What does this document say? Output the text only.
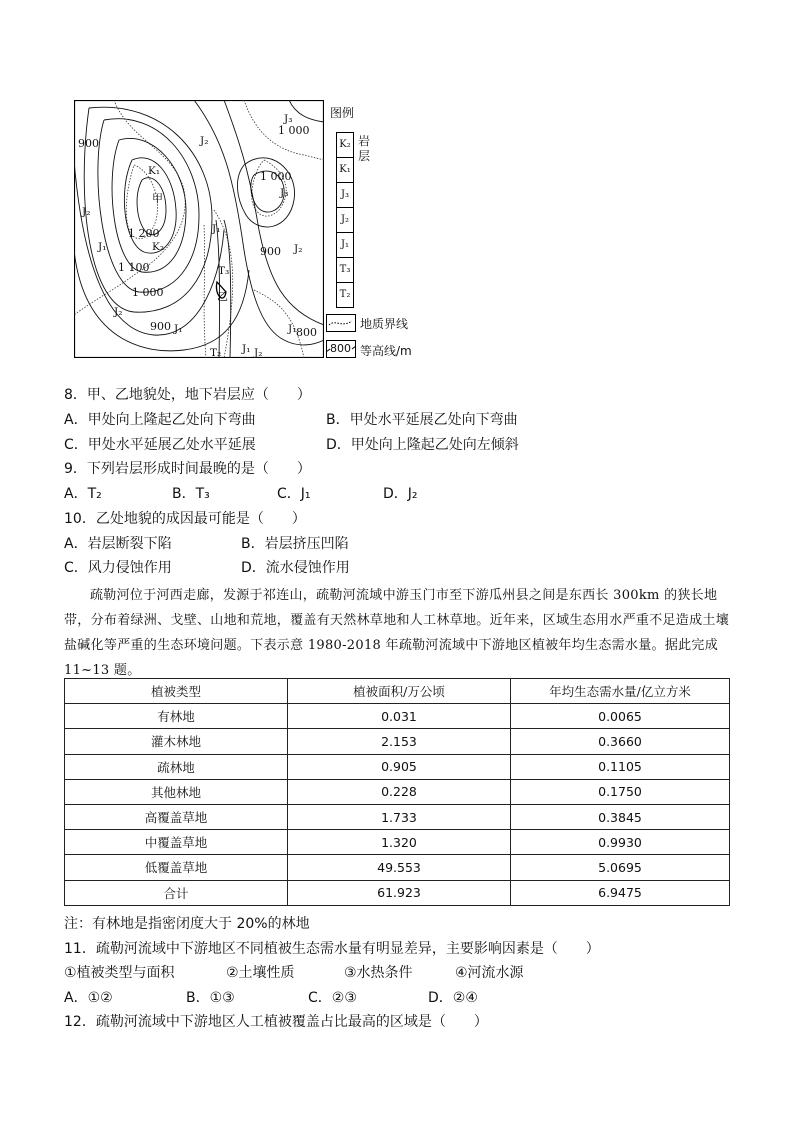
900
1 000
1 000
1 200
1 100
1 000
900
900
800
J₁
J₂
J₃
K₁
K₂
J₃
J₂
J₁
J₂
J₁
J₂
J₁
T₃
T₂
J₁
J₂
甲
乙
图例
K₂
K₁
J₃
J₂
J₁
T₃
T₂
岩层
地质界线
800 等高线/m
8．甲、乙地貌处，地下岩层应（　　）
A．甲处向上隆起乙处向下弯曲	B．甲处水平延展乙处向下弯曲
C．甲处水平延展乙处水平延展	D．甲处向上隆起乙处向左倾斜
9．下列岩层形成时间最晚的是（　　）
A．T₂	B．T₃	C．J₁	D．J₂
10．乙处地貌的成因最可能是（　　）
A．岩层断裂下陷	B．岩层挤压凹陷
C．风力侵蚀作用	D．流水侵蚀作用
疏勒河位于河西走廊，发源于祁连山，疏勒河流域中游玉门市至下游瓜州县之间是东西长 300km 的狭长地带，分布着绿洲、戈壁、山地和荒地，覆盖有天然林草地和人工林草地。近年来，区域生态用水严重不足造成土壤盐碱化等严重的生态环境问题。下表示意 1980-2018 年疏勒河流域中下游地区植被年均生态需水量。据此完成 11~13 题。
植被类型	植被面积/万公顷	年均生态需水量/亿立方米
有林地	0.031	0.0065
灌木林地	2.153	0.3660
疏林地	0.905	0.1105
其他林地	0.228	0.1750
高覆盖草地	1.733	0.3845
中覆盖草地	1.320	0.9930
低覆盖草地	49.553	5.0695
合计	61.923	6.9475
注：有林地是指密闭度大于 20%的林地
11．疏勒河流域中下游地区不同植被生态需水量有明显差异，主要影响因素是（　　）
①植被类型与面积	②土壤性质	③水热条件	④河流水源
A．①②	B．①③	C．②③	D．②④
12．疏勒河流域中下游地区人工植被覆盖占比最高的区域是（　　）
